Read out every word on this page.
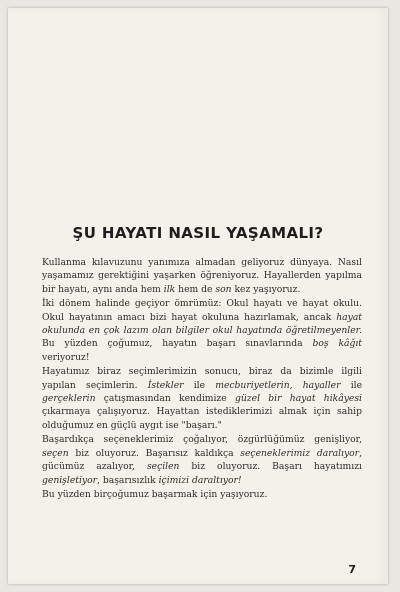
ŞU HAYATI NASIL YAŞAMALI?

Kullanma kılavuzunu yanımıza almadan geliyoruz dünyaya. Nasıl yaşamamız gerektiğini yaşarken öğreniyoruz. Hayallerden yapılma bir hayatı, aynı anda hem ilk hem de son kez yaşıyoruz.

İki dönem halinde geçiyor ömrümüz: Okul hayatı ve hayat okulu. Okul hayatının amacı bizi hayat okuluna hazırlamak, ancak hayat okulunda en çok lazım olan bilgiler okul hayatında öğretilmeyenler. Bu yüzden çoğumuz, hayatın başarı sınavlarında boş kâğıt veriyoruz!

Hayatımız biraz seçimlerimizin sonucu, biraz da bizimle ilgili yapılan seçimlerin. İstekler ile mecburiyetlerin, hayaller ile gerçeklerin çatışmasından kendimize güzel bir hayat hikâyesi çıkarmaya çalışıyoruz. Hayattan istediklerimizi almak için sahip olduğumuz en güçlü aygıt ise "başarı."

Başardıkça seçeneklerimiz çoğalıyor, özgürlüğümüz genişliyor, seçen biz oluyoruz. Başarısız kaldıkça seçeneklerimiz daralıyor, gücümüz azalıyor, seçilen biz oluyoruz. Başarı hayatımızı genişletiyor, başarısızlık içimizi daraltıyor!

Bu yüzden birçoğumuz başarmak için yaşıyoruz.

7
